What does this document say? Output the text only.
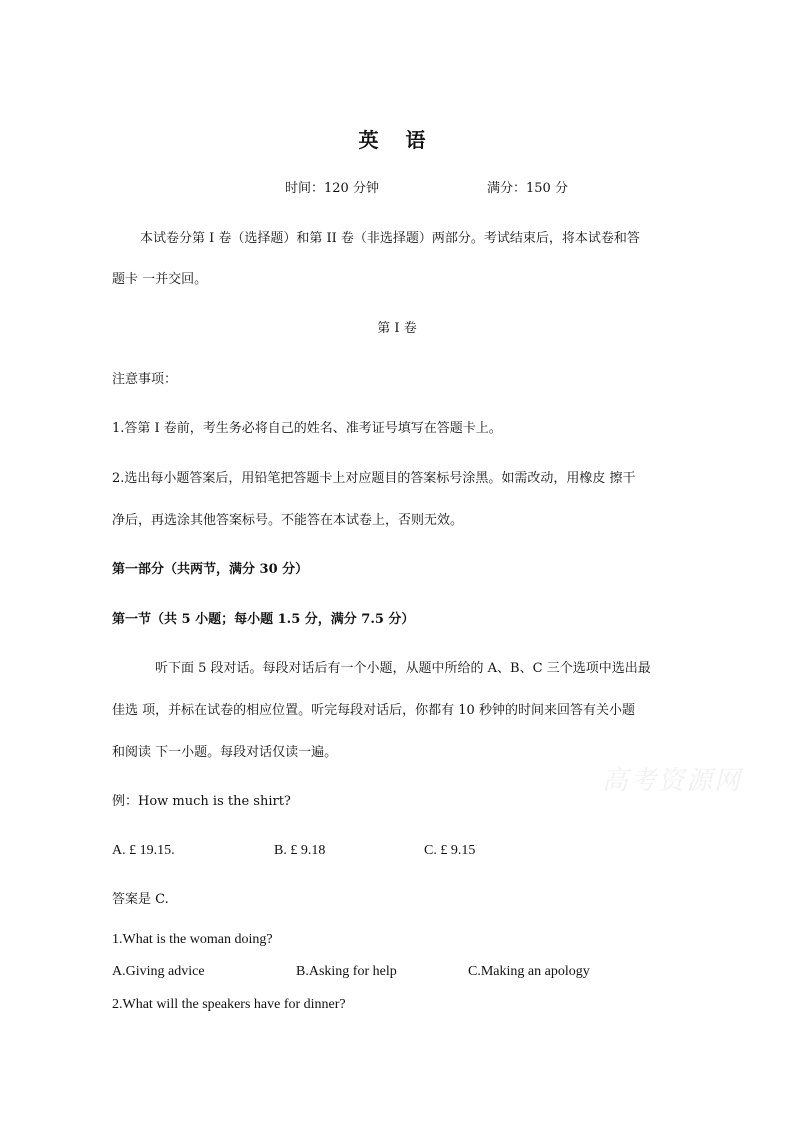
英 语
时间：120 分钟	满分：150 分
本试卷分第 I 卷（选择题）和第 II 卷（非选择题）两部分。考试结束后，将本试卷和答
题卡 一并交回。
第 I 卷
注意事项：
1.答第 I 卷前，考生务必将自己的姓名、准考证号填写在答题卡上。
2.选出每小题答案后，用铅笔把答题卡上对应题目的答案标号涂黑。如需改动，用橡皮 擦干
净后，再选涂其他答案标号。不能答在本试卷上，否则无效。
第一部分（共两节，满分 30 分）
第一节（共 5 小题；每小题 1.5 分，满分 7.5 分）
听下面 5 段对话。每段对话后有一个小题，从题中所给的 A、B、C 三个选项中选出最
佳选 项，并标在试卷的相应位置。听完每段对话后，你都有 10 秒钟的时间来回答有关小题
和阅读 下一小题。每段对话仅读一遍。
高考资源网
例：How much is the shirt?
A. £ 19.15.	B. £ 9.18	C. £ 9.15
答案是 C.
1.What is the woman doing?
A.Giving advice	B.Asking for help	C.Making an apology
2.What will the speakers have for dinner?
